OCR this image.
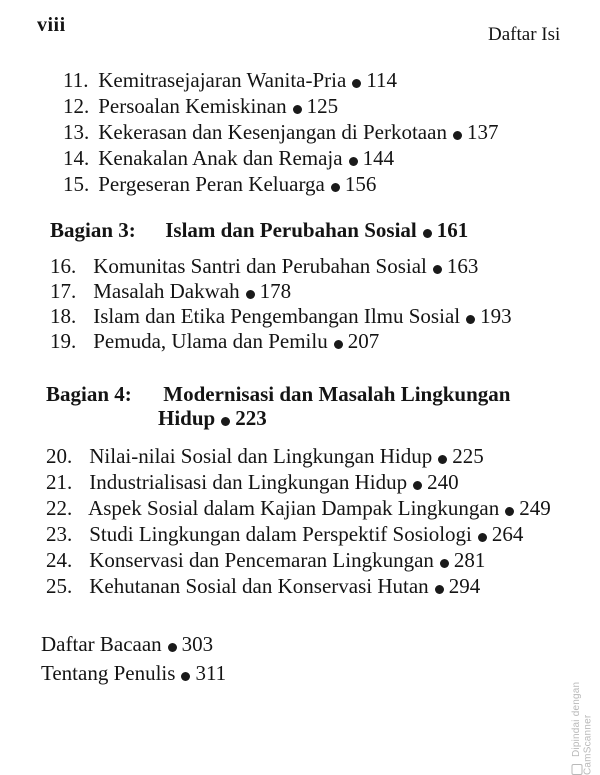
viii	Daftar Isi
11. Kemitrasejajaran Wanita-Pria 114
12. Persoalan Kemiskinan 125
13. Kekerasan dan Kesenjangan di Perkotaan 137
14. Kenakalan Anak dan Remaja 144
15. Pergeseran Peran Keluarga 156
Bagian 3: Islam dan Perubahan Sosial 161
16. Komunitas Santri dan Perubahan Sosial 163
17. Masalah Dakwah 178
18. Islam dan Etika Pengembangan Ilmu Sosial 193
19. Pemuda, Ulama dan Pemilu 207
Bagian 4: Modernisasi dan Masalah Lingkungan
Hidup 223
20. Nilai-nilai Sosial dan Lingkungan Hidup 225
21. Industrialisasi dan Lingkungan Hidup 240
22. Aspek Sosial dalam Kajian Dampak Lingkungan 249
23. Studi Lingkungan dalam Perspektif Sosiologi 264
24. Konservasi dan Pencemaran Lingkungan 281
25. Kehutanan Sosial dan Konservasi Hutan 294
Daftar Bacaan 303
Tentang Penulis 311
Dipindai dengan CamScanner
